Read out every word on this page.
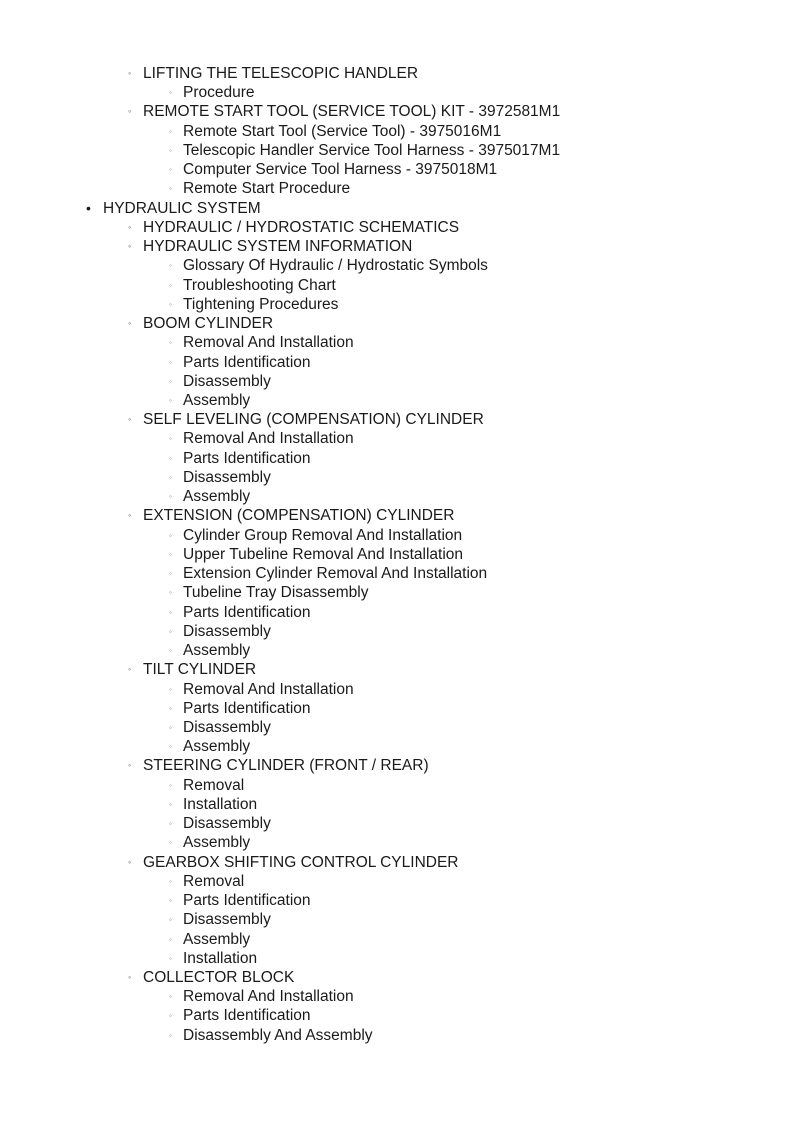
◦ LIFTING THE TELESCOPIC HANDLER
◦ Procedure
◦ REMOTE START TOOL (SERVICE TOOL) KIT - 3972581M1
◦ Remote Start Tool (Service Tool) - 3975016M1
◦ Telescopic Handler Service Tool Harness - 3975017M1
◦ Computer Service Tool Harness - 3975018M1
◦ Remote Start Procedure
• HYDRAULIC SYSTEM
◦ HYDRAULIC / HYDROSTATIC SCHEMATICS
◦ HYDRAULIC SYSTEM INFORMATION
◦ Glossary Of Hydraulic / Hydrostatic Symbols
◦ Troubleshooting Chart
◦ Tightening Procedures
◦ BOOM CYLINDER
◦ Removal And Installation
◦ Parts Identification
◦ Disassembly
◦ Assembly
◦ SELF LEVELING (COMPENSATION) CYLINDER
◦ Removal And Installation
◦ Parts Identification
◦ Disassembly
◦ Assembly
◦ EXTENSION (COMPENSATION) CYLINDER
◦ Cylinder Group Removal And Installation
◦ Upper Tubeline Removal And Installation
◦ Extension Cylinder Removal And Installation
◦ Tubeline Tray Disassembly
◦ Parts Identification
◦ Disassembly
◦ Assembly
◦ TILT CYLINDER
◦ Removal And Installation
◦ Parts Identification
◦ Disassembly
◦ Assembly
◦ STEERING CYLINDER (FRONT / REAR)
◦ Removal
◦ Installation
◦ Disassembly
◦ Assembly
◦ GEARBOX SHIFTING CONTROL CYLINDER
◦ Removal
◦ Parts Identification
◦ Disassembly
◦ Assembly
◦ Installation
◦ COLLECTOR BLOCK
◦ Removal And Installation
◦ Parts Identification
◦ Disassembly And Assembly
